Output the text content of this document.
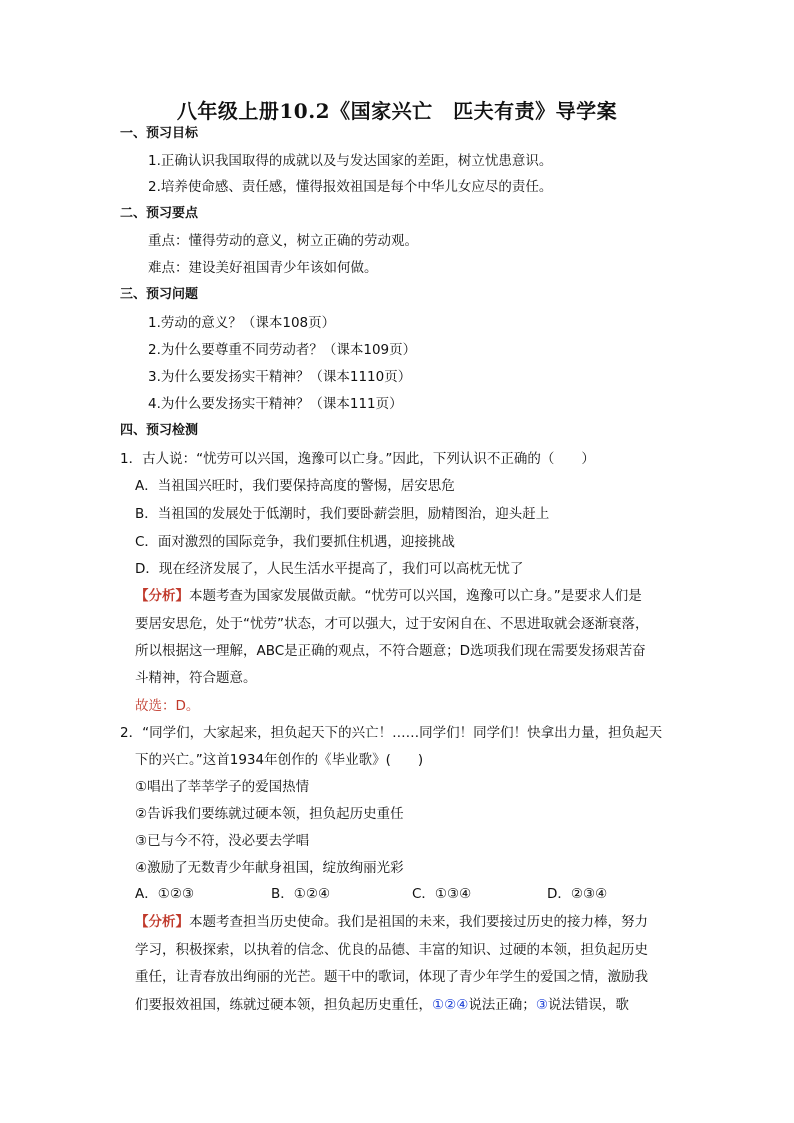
八年级上册10.2《国家兴亡　匹夫有责》导学案
一、预习目标
1.正确认识我国取得的成就以及与发达国家的差距，树立忧患意识。
2.培养使命感、责任感，懂得报效祖国是每个中华儿女应尽的责任。
二、预习要点
重点：懂得劳动的意义，树立正确的劳动观。
难点：建设美好祖国青少年该如何做。
三、预习问题
1.劳动的意义？（课本108页）
2.为什么要尊重不同劳动者？（课本109页）
3.为什么要发扬实干精神？（课本1110页）
4.为什么要发扬实干精神？（课本111页）
四、预习检测
1．古人说：“忧劳可以兴国，逸豫可以亡身。”因此，下列认识不正确的（　　）
A．当祖国兴旺时，我们要保持高度的警惕，居安思危
B．当祖国的发展处于低潮时，我们要卧薪尝胆，励精图治，迎头赶上
C．面对激烈的国际竞争，我们要抓住机遇，迎接挑战
D．现在经济发展了，人民生活水平提高了，我们可以高枕无忧了
【分析】本题考查为国家发展做贡献。“忧劳可以兴国，逸豫可以亡身。”是要求人们是
要居安思危，处于“忧劳”状态，才可以强大，过于安闲自在、不思进取就会逐渐衰落，
所以根据这一理解，ABC是正确的观点，不符合题意；D选项我们现在需要发扬艰苦奋
斗精神，符合题意。
故选：D。
2．“同学们，大家起来，担负起天下的兴亡！……同学们！同学们！快拿出力量，担负起天
下的兴亡。”这首1934年创作的《毕业歌》(　　)
①唱出了莘莘学子的爱国热情
②告诉我们要练就过硬本领，担负起历史重任
③已与今不符，没必要去学唱
④激励了无数青少年献身祖国，绽放绚丽光彩
A．①②③	B．①②④	C．①③④	D．②③④
【分析】本题考查担当历史使命。我们是祖国的未来，我们要接过历史的接力棒，努力
学习，积极探索，以执着的信念、优良的品德、丰富的知识、过硬的本领，担负起历史
重任，让青春放出绚丽的光芒。题干中的歌词，体现了青少年学生的爱国之情，激励我
们要报效祖国，练就过硬本领，担负起历史重任，①②④说法正确；③说法错误，歌
